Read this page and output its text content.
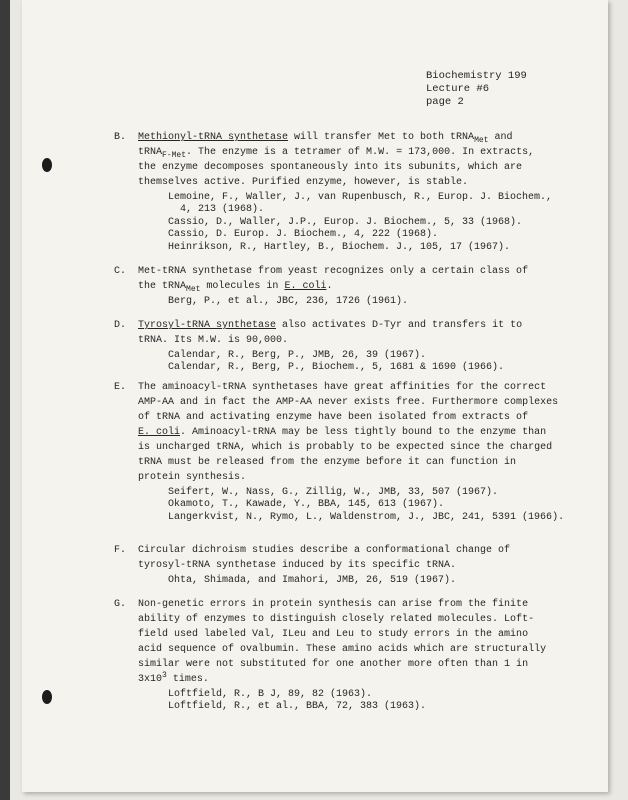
Biochemistry 199
Lecture #6
page 2
B. Methionyl-tRNA synthetase will transfer Met to both tRNA$_{Met}$ and
tRNA$_{F-Met}$. The enzyme is a tetramer of M.W. = 173,000. In extracts,
the enzyme decomposes spontaneously into its subunits, which are
themselves active. Purified enzyme, however, is stable.
Lemoine, F., Waller, J., van Rupenbusch, R., Europ. J. Biochem.,
4, 213 (1968).
Cassio, D., Waller, J.P., Europ. J. Biochem., 5, 33 (1968).
Cassio, D. Europ. J. Biochem., 4, 222 (1968).
Heinrikson, R., Hartley, B., Biochem. J., 105, 17 (1967).
C. Met-tRNA synthetase from yeast recognizes only a certain class of
the tRNA$_{Met}$ molecules in E. coli.
Berg, P., et al., JBC, 236, 1726 (1961).
D. Tyrosyl-tRNA synthetase also activates D-Tyr and transfers it to
tRNA. Its M.W. is 90,000.
Calendar, R., Berg, P., JMB, 26, 39 (1967).
Calendar, R., Berg, P., Biochem., 5, 1681 & 1690 (1966).
E. The aminoacyl-tRNA synthetases have great affinities for the correct
AMP-AA and in fact the AMP-AA never exists free. Furthermore complexes
of tRNA and activating enzyme have been isolated from extracts of
E. coli. Aminoacyl-tRNA may be less tightly bound to the enzyme than
is uncharged tRNA, which is probably to be expected since the charged
tRNA must be released from the enzyme before it can function in
protein synthesis.
Seifert, W., Nass, G., Zillig, W., JMB, 33, 507 (1967).
Okamoto, T., Kawade, Y., BBA, 145, 613 (1967).
Langerkvist, N., Rymo, L., Waldenstrom, J., JBC, 241, 5391 (1966).
F. Circular dichroism studies describe a conformational change of
tyrosyl-tRNA synthetase induced by its specific tRNA.
Ohta, Shimada, and Imahori, JMB, 26, 519 (1967).
G. Non-genetic errors in protein synthesis can arise from the finite
ability of enzymes to distinguish closely related molecules. Loft-
field used labeled Val, ILeu and Leu to study errors in the amino
acid sequence of ovalbumin. These amino acids which are structurally
similar were not substituted for one another more often than 1 in
$3x10^3$ times.
Loftfield, R., B J, 89, 82 (1963).
Loftfield, R., et al., BBA, 72, 383 (1963).
